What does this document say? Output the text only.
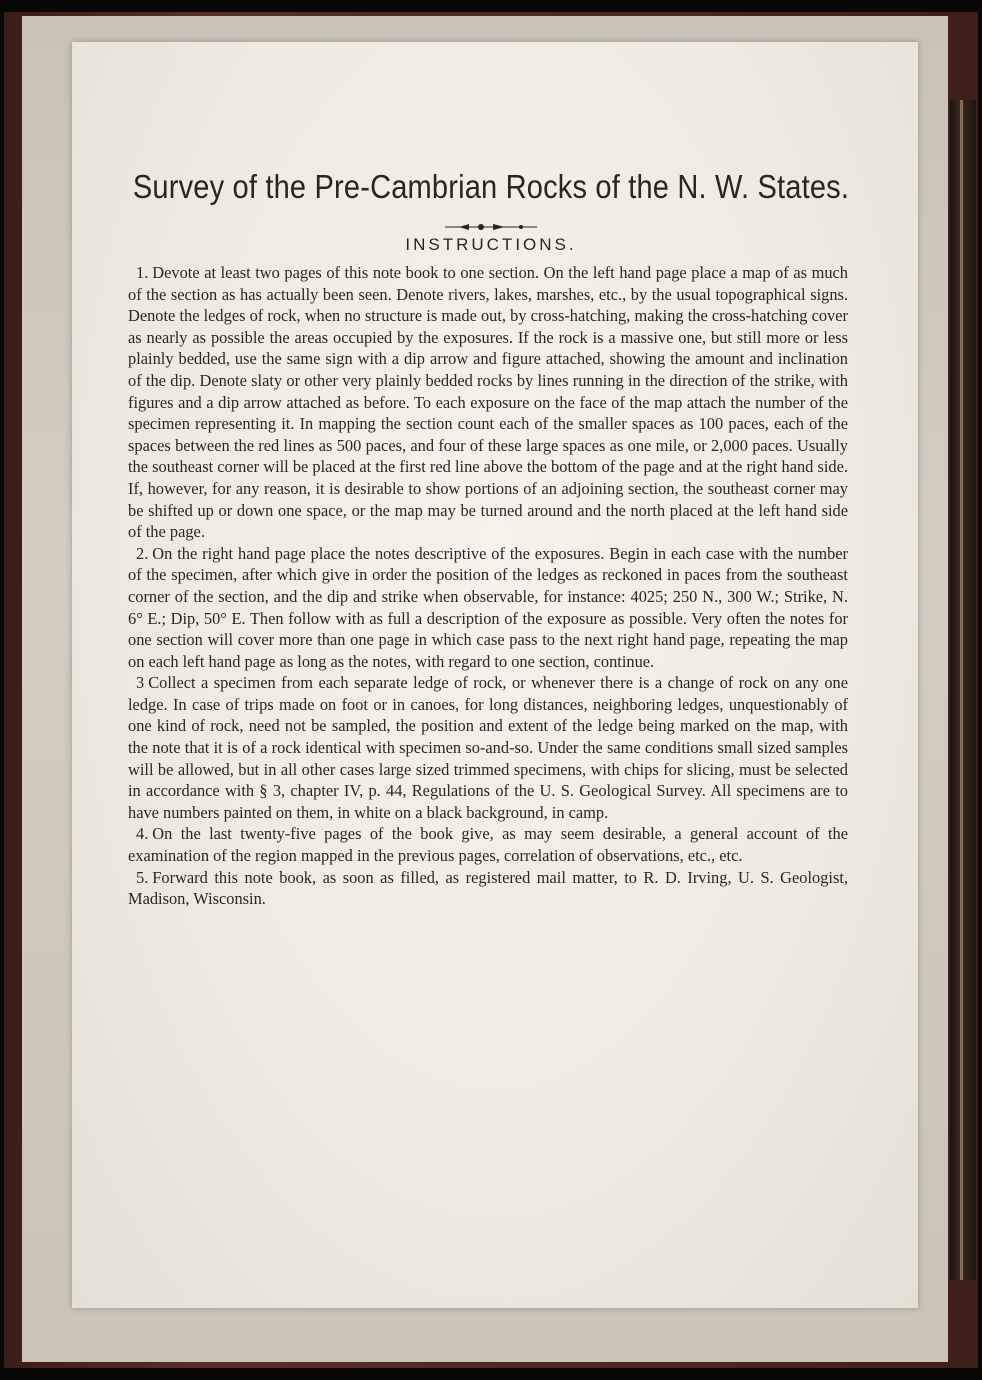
Survey of the Pre-Cambrian Rocks of the N. W. States.
INSTRUCTIONS.

1. Devote at least two pages of this note book to one section. On the left hand page place a map of as much of the section as has actually been seen. Denote rivers, lakes, marshes, etc., by the usual topographical signs. Denote the ledges of rock, when no structure is made out, by cross-hatching, making the cross-hatching cover as nearly as possible the areas occupied by the exposures. If the rock is a massive one, but still more or less plainly bedded, use the same sign with a dip arrow and figure attached, showing the amount and inclination of the dip. Denote slaty or other very plainly bedded rocks by lines running in the direction of the strike, with figures and a dip arrow attached as before. To each exposure on the face of the map attach the number of the specimen representing it. In mapping the section count each of the smaller spaces as 100 paces, each of the spaces between the red lines as 500 paces, and four of these large spaces as one mile, or 2,000 paces. Usually the southeast corner will be placed at the first red line above the bottom of the page and at the right hand side. If, however, for any reason, it is desirable to show portions of an adjoining section, the southeast corner may be shifted up or down one space, or the map may be turned around and the north placed at the left hand side of the page.

2. On the right hand page place the notes descriptive of the exposures. Begin in each case with the number of the specimen, after which give in order the position of the ledges as reckoned in paces from the southeast corner of the section, and the dip and strike when observable, for instance: 4025; 250 N., 300 W.; Strike, N. 6° E.; Dip, 50° E. Then follow with as full a description of the exposure as possible. Very often the notes for one section will cover more than one page in which case pass to the next right hand page, repeating the map on each left hand page as long as the notes, with regard to one section, continue.

3 Collect a specimen from each separate ledge of rock, or whenever there is a change of rock on any one ledge. In case of trips made on foot or in canoes, for long distances, neighboring ledges, unquestionably of one kind of rock, need not be sampled, the position and extent of the ledge being marked on the map, with the note that it is of a rock identical with specimen so-and-so. Under the same conditions small sized samples will be allowed, but in all other cases large sized trimmed specimens, with chips for slicing, must be selected in accordance with § 3, chapter IV, p. 44, Regulations of the U. S. Geological Survey. All specimens are to have numbers painted on them, in white on a black background, in camp.

4. On the last twenty-five pages of the book give, as may seem desirable, a general account of the examination of the region mapped in the previous pages, correlation of observations, etc., etc.

5. Forward this note book, as soon as filled, as registered mail matter, to R. D. Irving, U. S. Geologist, Madison, Wisconsin.
